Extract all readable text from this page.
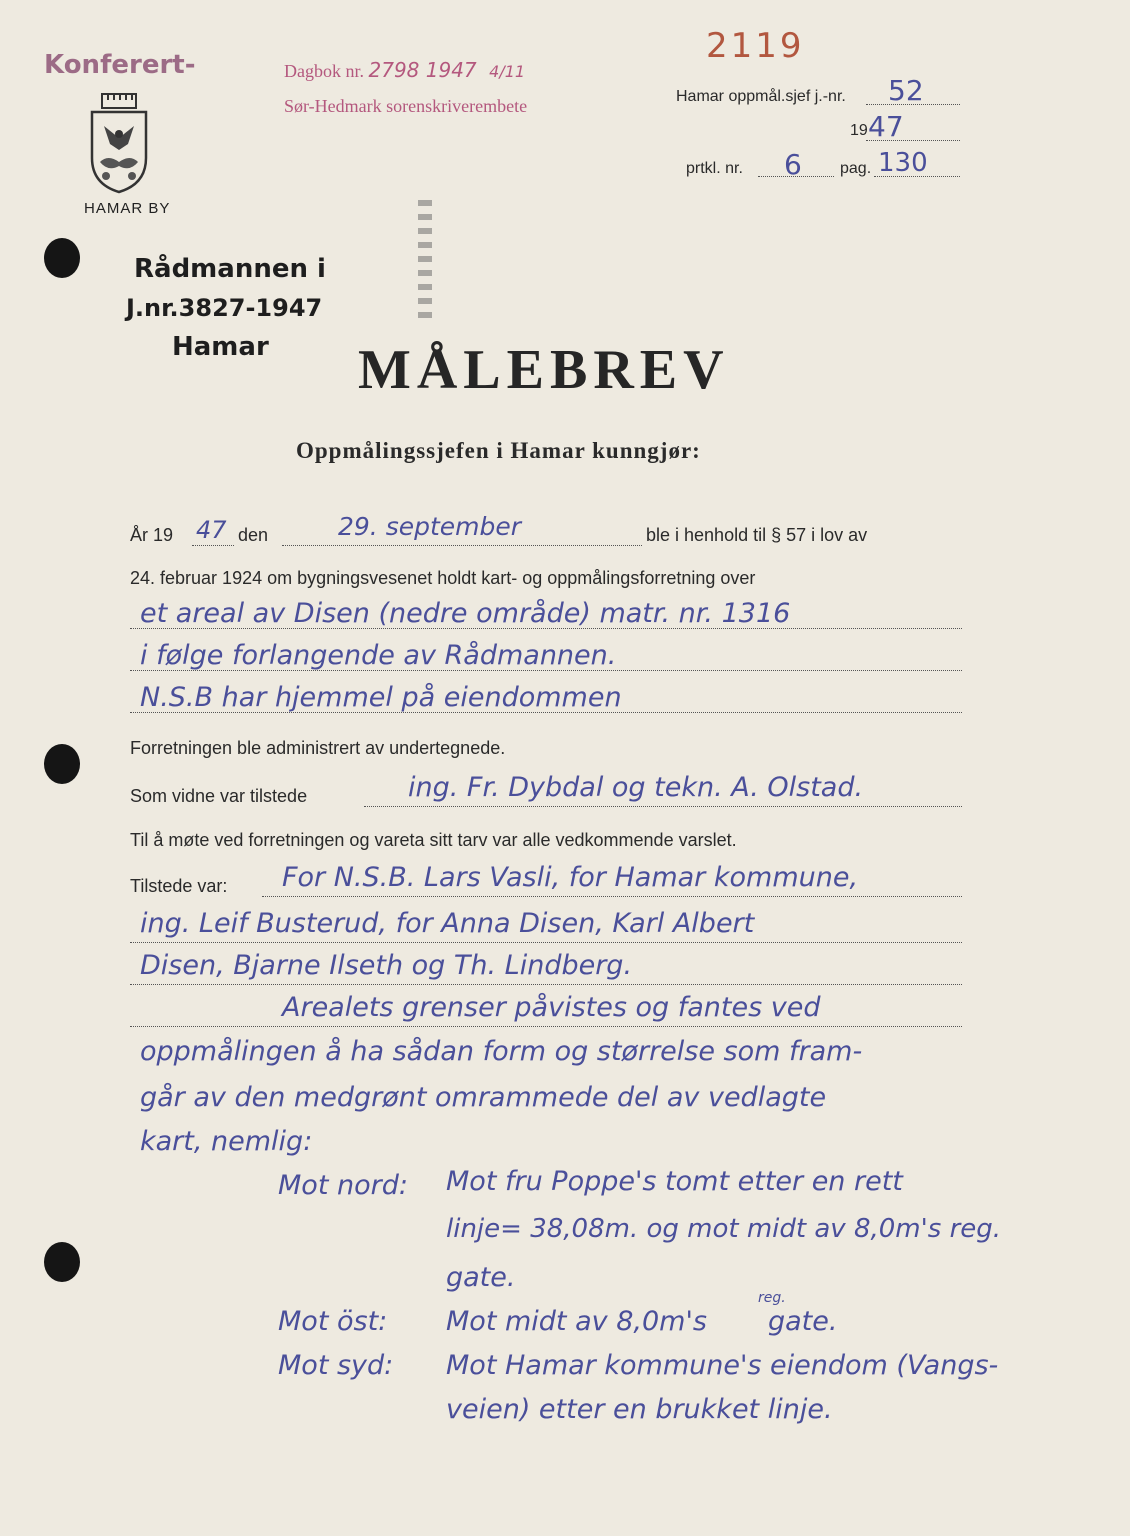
Konferert-	Dagbok nr. 2798 1947 4/11
Sør-Hedmark sorenskriverembete
2119
HAMAR BY
Hamar oppmål.sjef j.-nr. 52
19 47
prtkl. nr. 6 pag. 130
Rådmannen i
J.nr.3827-1947
Hamar MÅLEBREV
Oppmålingssjefen i Hamar kunngjør:
År 19 47 den	29. september	ble i henhold til § 57 i lov av
24. februar 1924 om bygningsvesenet holdt kart- og oppmålingsforretning over
et areal av Disen (nedre område) matr. nr. 1316
i følge forlangende av Rådmannen.
N.S.B har hjemmel på eiendommen
Forretningen ble administrert av undertegnede.
Som vidne var tilstede	ing. Fr. Dybdal og tekn. A. Olstad.
Til å møte ved forretningen og vareta sitt tarv var alle vedkommende varslet.
Tilstede var: For N.S.B. Lars Vasli, for Hamar kommune,
ing. Leif Busterud, for Anna Disen, Karl Albert
Disen, Bjarne Ilseth og Th. Lindberg.
Arealets grenser påvistes og fantes ved
oppmålingen å ha sådan form og størrelse som fram-
går av den medgrønt omrammede del av vedlagte
kart, nemlig:
Mot nord: Mot fru Poppe's tomt etter en rett
linje= 38,08m. og mot midt av 8,0m's reg.
gate.
Mot öst: Mot midt av 8,0m's
reg.
gate.
Mot syd: Mot Hamar kommune's eiendom (Vangs-
veien) etter en brukket linje.
